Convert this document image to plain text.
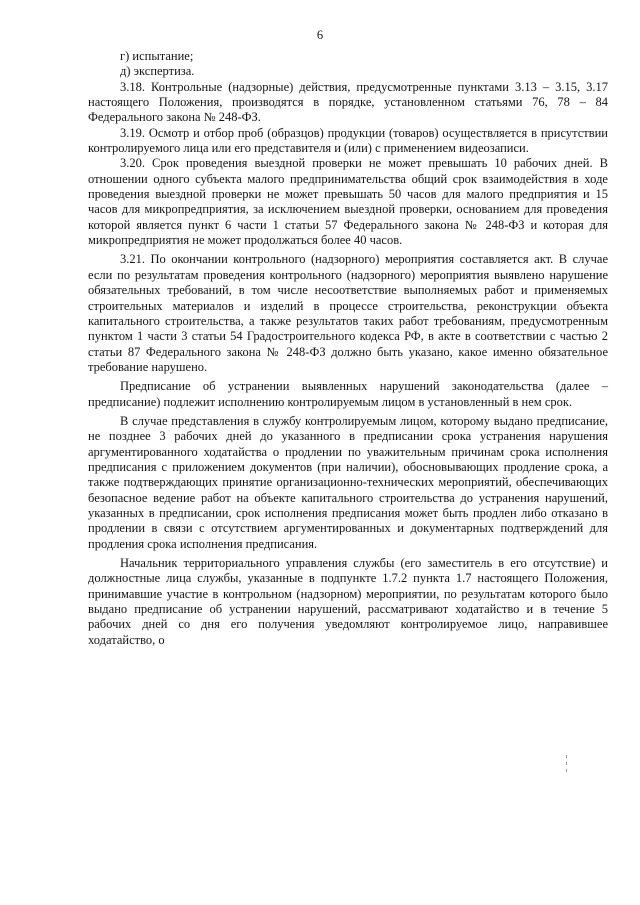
6

г) испытание;

д) экспертиза.

3.18. Контрольные (надзорные) действия, предусмотренные пунктами 3.13 – 3.15, 3.17 настоящего Положения, производятся в порядке, установленном статьями 76, 78 – 84 Федерального закона № 248-ФЗ.

3.19. Осмотр и отбор проб (образцов) продукции (товаров) осуществляется в присутствии контролируемого лица или его представителя и (или) с применением видеозаписи.

3.20. Срок проведения выездной проверки не может превышать 10 рабочих дней. В отношении одного субъекта малого предпринимательства общий срок взаимодействия в ходе проведения выездной проверки не может превышать 50 часов для малого предприятия и 15 часов для микропредприятия, за исключением выездной проверки, основанием для проведения которой является пункт 6 части 1 статьи 57 Федерального закона № 248-ФЗ и которая для микропредприятия не может продолжаться более 40 часов.

3.21. По окончании контрольного (надзорного) мероприятия составляется акт. В случае если по результатам проведения контрольного (надзорного) мероприятия выявлено нарушение обязательных требований, в том числе несоответствие выполняемых работ и применяемых строительных материалов и изделий в процессе строительства, реконструкции объекта капитального строительства, а также результатов таких работ требованиям, предусмотренным пунктом 1 части 3 статьи 54 Градостроительного кодекса РФ, в акте в соответствии с частью 2 статьи 87 Федерального закона № 248-ФЗ должно быть указано, какое именно обязательное требование нарушено.

Предписание об устранении выявленных нарушений законодательства (далее – предписание) подлежит исполнению контролируемым лицом в установленный в нем срок.

В случае представления в службу контролируемым лицом, которому выдано предписание, не позднее 3 рабочих дней до указанного в предписании срока устранения нарушения аргументированного ходатайства о продлении по уважительным причинам срока исполнения предписания с приложением документов (при наличии), обосновывающих продление срока, а также подтверждающих принятие организационно-технических мероприятий, обеспечивающих безопасное ведение работ на объекте капитального строительства до устранения нарушений, указанных в предписании, срок исполнения предписания может быть продлен либо отказано в продлении в связи с отсутствием аргументированных и документарных подтверждений для продления срока исполнения предписания.

Начальник территориального управления службы (его заместитель в его отсутствие) и должностные лица службы, указанные в подпункте 1.7.2 пункта 1.7 настоящего Положения, принимавшие участие в контрольном (надзорном) мероприятии, по результатам которого было выдано предписание об устранении нарушений, рассматривают ходатайство и в течение 5 рабочих дней со дня его получения уведомляют контролируемое лицо, направившее ходатайство, о
